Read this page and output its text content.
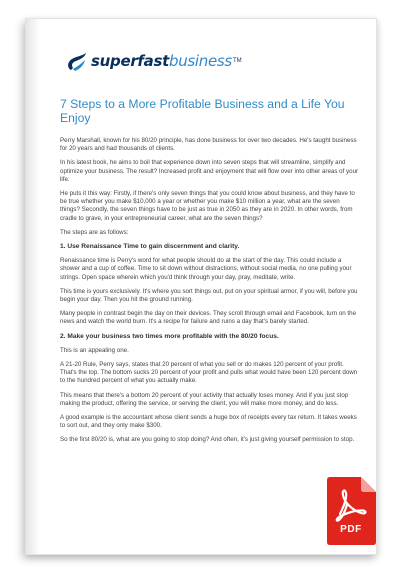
superfastbusiness TM
7 Steps to a More Profitable Business and a Life You Enjoy

Perry Marshall, known for his 80/20 principle, has done business for over two decades. He's taught business for 20 years and had thousands of clients.

In his latest book, he aims to boil that experience down into seven steps that will streamline, simplify and optimize your business. The result? Increased profit and enjoyment that will flow over into other areas of your life.

He puts it this way: Firstly, if there's only seven things that you could know about business, and they have to be true whether you make $10,000 a year or whether you make $10 million a year, what are the seven things? Secondly, the seven things have to be just as true in 2050 as they are in 2020. In other words, from cradle to grave, in your entrepreneurial career, what are the seven things?

The steps are as follows:

1. Use Renaissance Time to gain discernment and clarity.

Renaissance time is Perry's word for what people should do at the start of the day. This could include a shower and a cup of coffee. Time to sit down without distractions, without social media, no one pulling your strings. Open space wherein which you'd think through your day, pray, meditate, write.

This time is yours exclusively. It's where you sort things out, put on your spiritual armor, if you will, before you begin your day. Then you hit the ground running.

Many people in contrast begin the day on their devices. They scroll through email and Facebook, turn on the news and watch the world burn. It's a recipe for failure and ruins a day that's barely started.

2. Make your business two times more profitable with the 80/20 focus.

This is an appealing one.

A 21-20 Rule, Perry says, states that 20 percent of what you sell or do makes 120 percent of your profit. That's the top. The bottom sucks 20 percent of your profit and pulls what would have been 120 percent down to the hundred percent of what you actually make.

This means that there's a bottom 20 percent of your activity that actually loses money. And if you just stop making the product, offering the service, or serving the client, you will make more money, and do less.

A good example is the accountant whose client sends a huge box of receipts every tax return. It takes weeks to sort out, and they only make $300.

So the first 80/20 is, what are you going to stop doing? And often, it's just giving yourself permission to stop.

PDF
